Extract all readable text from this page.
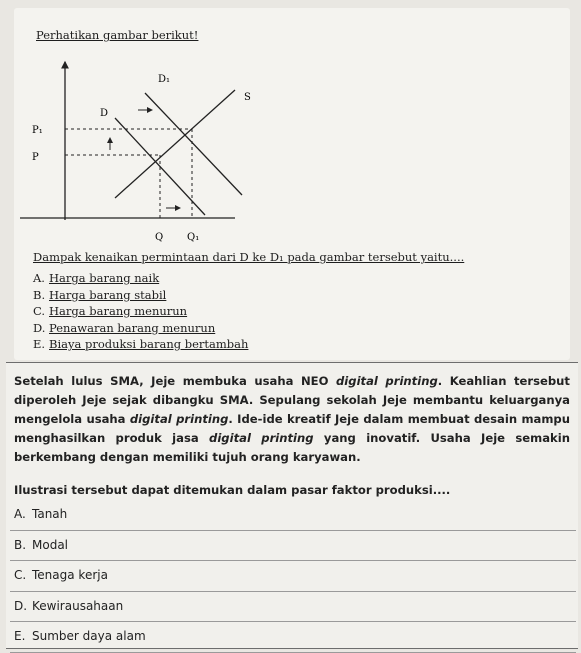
Perhatikan gambar berikut!
D₁
S
D
P₁
P
Q Q₁
Dampak kenaikan permintaan dari D ke D₁ pada gambar tersebut yaitu....
A. Harga barang naik
B. Harga barang stabil
C. Harga barang menurun
D. Penawaran barang menurun
E. Biaya produksi barang bertambah
Setelah lulus SMA, Jeje membuka usaha NEO digital printing. Keahlian tersebut diperoleh Jeje sejak dibangku SMA. Sepulang sekolah Jeje membantu keluarganya mengelola usaha digital printing. Ide-ide kreatif Jeje dalam membuat desain mampu menghasilkan produk jasa digital printing yang inovatif. Usaha Jeje semakin berkembang dengan memiliki tujuh orang karyawan.
Ilustrasi tersebut dapat ditemukan dalam pasar faktor produksi....
A. Tanah
B. Modal
C. Tenaga kerja
D. Kewirausahaan
E. Sumber daya alam
